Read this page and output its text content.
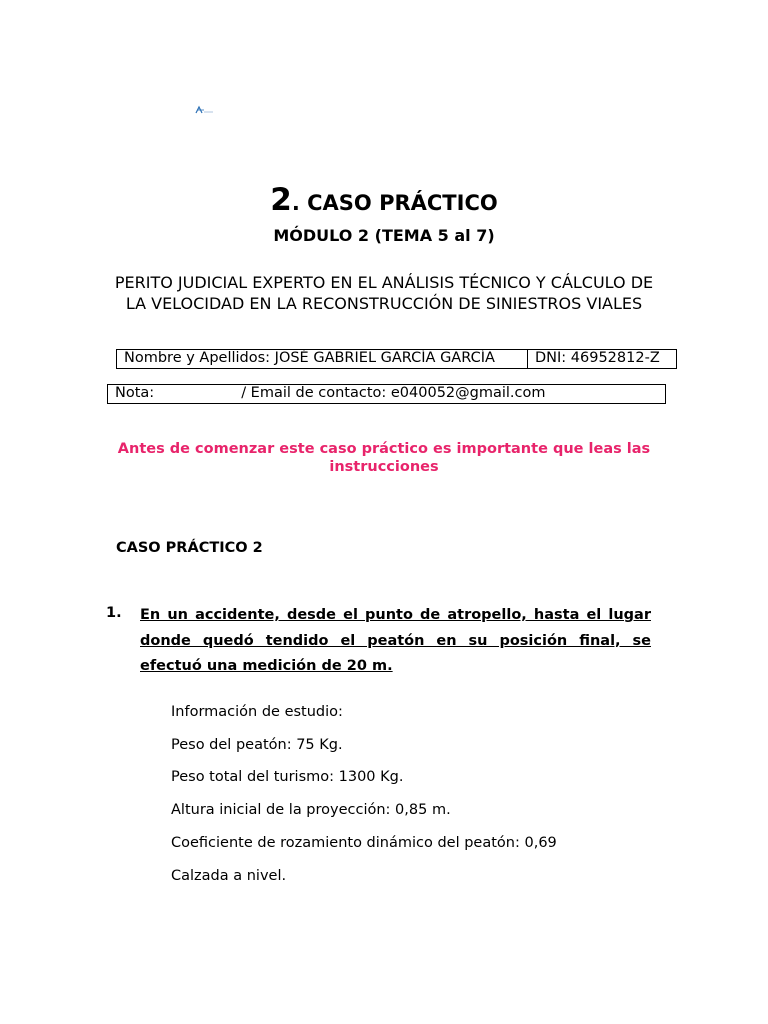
2. CASO PRÁCTICO
MÓDULO 2 (TEMA 5 al 7)
PERITO JUDICIAL EXPERTO EN EL ANÁLISIS TÉCNICO Y CÁLCULO DE LA VELOCIDAD EN LA RECONSTRUCCIÓN DE SINIESTROS VIALES
Nombre y Apellidos: JOSÉ GABRIEL GARCÍA GARCÍA	DNI: 46952812-Z
Nota:	/ Email de contacto: e040052@gmail.com
Antes de comenzar este caso práctico es importante que leas las instrucciones
CASO PRÁCTICO 2
1. En un accidente, desde el punto de atropello, hasta el lugar donde quedó tendido el peatón en su posición final, se efectuó una medición de 20 m.
Información de estudio:
Peso del peatón: 75 Kg.
Peso total del turismo: 1300 Kg.
Altura inicial de la proyección: 0,85 m.
Coeficiente de rozamiento dinámico del peatón: 0,69
Calzada a nivel.
